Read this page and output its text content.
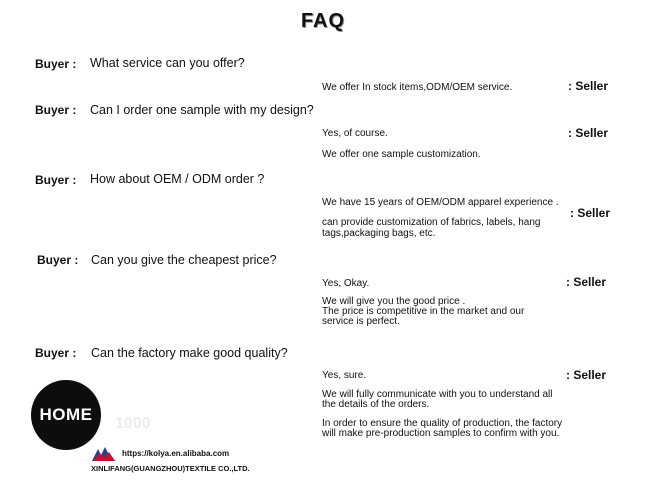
FAQ
Buyer : What service can you offer?
We offer In stock items,ODM/OEM service.	: Seller
Buyer : Can I order one sample with my design?
Yes, of course.
We offer one sample customization.
: Seller
Buyer : How about OEM / ODM order ?
We have 15 years of OEM/ODM apparel experience .
can provide customization of fabrics, labels, hang tags,packaging bags, etc.
: Seller
Buyer : Can you give the cheapest price?
Yes, Okay.
We will give you the good price .
The price is competitive in the market and our service is perfect.
: Seller
Buyer : Can the factory make good quality?
Yes, sure.
We will fully communicate with you to understand all the details of the orders.
In order to ensure the quality of production, the factory will make pre-production samples to confirm with you.
: Seller
HOME 1000
https://kolya.en.alibaba.com
XINLIFANG(GUANGZHOU)TEXTILE CO.,LTD.
